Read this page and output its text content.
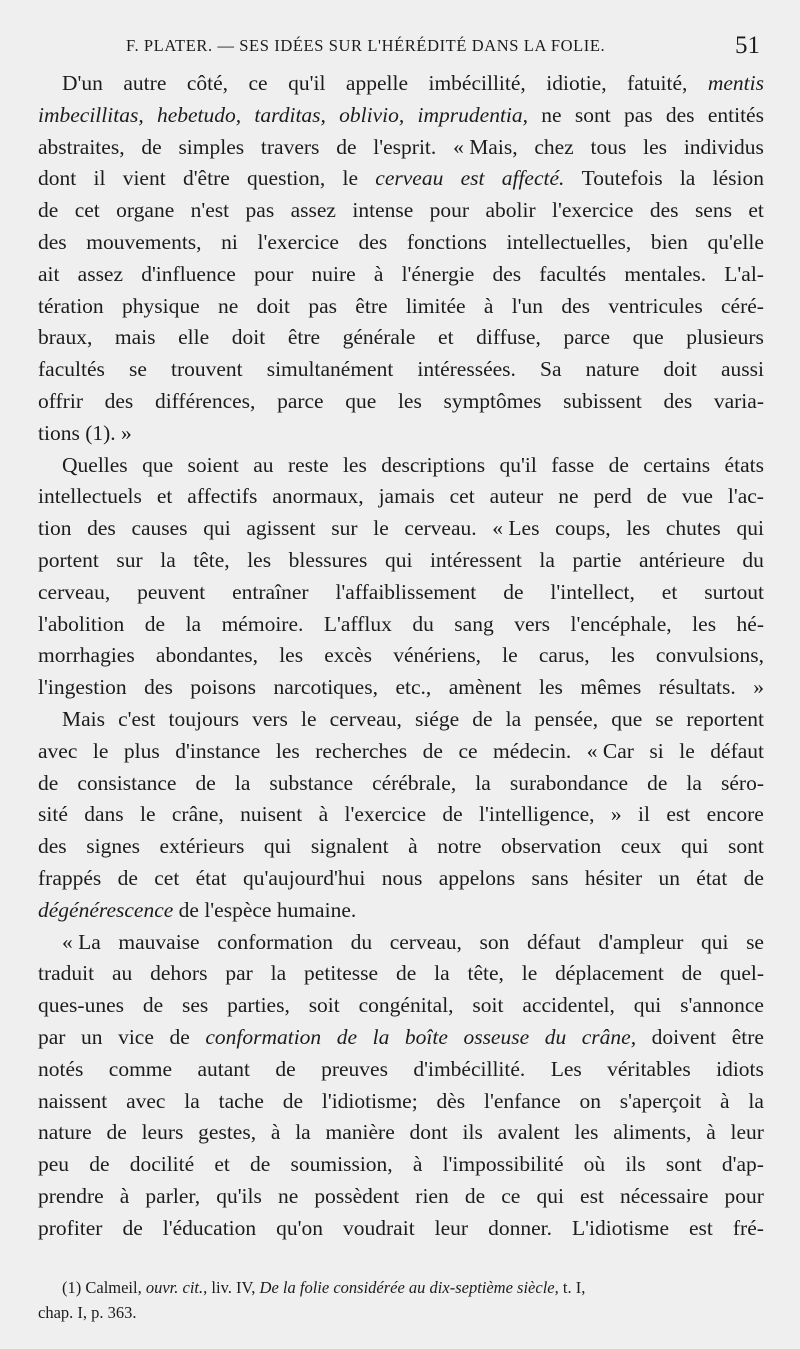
F. PLATER. — SES IDÉES SUR L'HÉRÉDITÉ DANS LA FOLIE.	51
D'un autre côté, ce qu'il appelle imbécillité, idiotie, fatuité, mentis
imbecillitas, hebetudo, tarditas, oblivio, imprudentia, ne sont pas des entités
abstraites, de simples travers de l'esprit. « Mais, chez tous les individus
dont il vient d'être question, le cerveau est affecté. Toutefois la lésion
de cet organe n'est pas assez intense pour abolir l'exercice des sens et
des mouvements, ni l'exercice des fonctions intellectuelles, bien qu'elle
ait assez d'influence pour nuire à l'énergie des facultés mentales. L'al-
tération physique ne doit pas être limitée à l'un des ventricules céré-
braux, mais elle doit être générale et diffuse, parce que plusieurs
facultés se trouvent simultanément intéressées. Sa nature doit aussi
offrir des différences, parce que les symptômes subissent des varia-
tions (1). »
Quelles que soient au reste les descriptions qu'il fasse de certains états
intellectuels et affectifs anormaux, jamais cet auteur ne perd de vue l'ac-
tion des causes qui agissent sur le cerveau. « Les coups, les chutes qui
portent sur la tête, les blessures qui intéressent la partie antérieure du
cerveau, peuvent entraîner l'affaiblissement de l'intellect, et surtout
l'abolition de la mémoire. L'afflux du sang vers l'encéphale, les hé-
morrhagies abondantes, les excès vénériens, le carus, les convulsions,
l'ingestion des poisons narcotiques, etc., amènent les mêmes résultats. »
Mais c'est toujours vers le cerveau, siége de la pensée, que se reportent
avec le plus d'instance les recherches de ce médecin. « Car si le défaut
de consistance de la substance cérébrale, la surabondance de la séro-
sité dans le crâne, nuisent à l'exercice de l'intelligence, » il est encore
des signes extérieurs qui signalent à notre observation ceux qui sont
frappés de cet état qu'aujourd'hui nous appelons sans hésiter un état de
dégénérescence
de l'espèce humaine.
« La mauvaise conformation du cerveau, son défaut d'ampleur qui se
traduit au dehors par la petitesse de la tête, le déplacement de quel-
ques-unes de ses parties, soit congénital, soit accidentel, qui s'annonce
par un vice de conformation de la boîte osseuse du crâne, doivent être
notés comme autant de preuves d'imbécillité. Les véritables idiots
naissent avec la tache de l'idiotisme; dès l'enfance on s'aperçoit à la
nature de leurs gestes, à la manière dont ils avalent les aliments, à leur
peu de docilité et de soumission, à l'impossibilité où ils sont d'ap-
prendre à parler, qu'ils ne possèdent rien de ce qui est nécessaire pour
profiter de l'éducation qu'on voudrait leur donner. L'idiotisme est fré-
(1) Calmeil, ouvr. cit., liv. IV, De la folie considérée au dix-septième siècle, t. I,
chap. I, p. 363.
